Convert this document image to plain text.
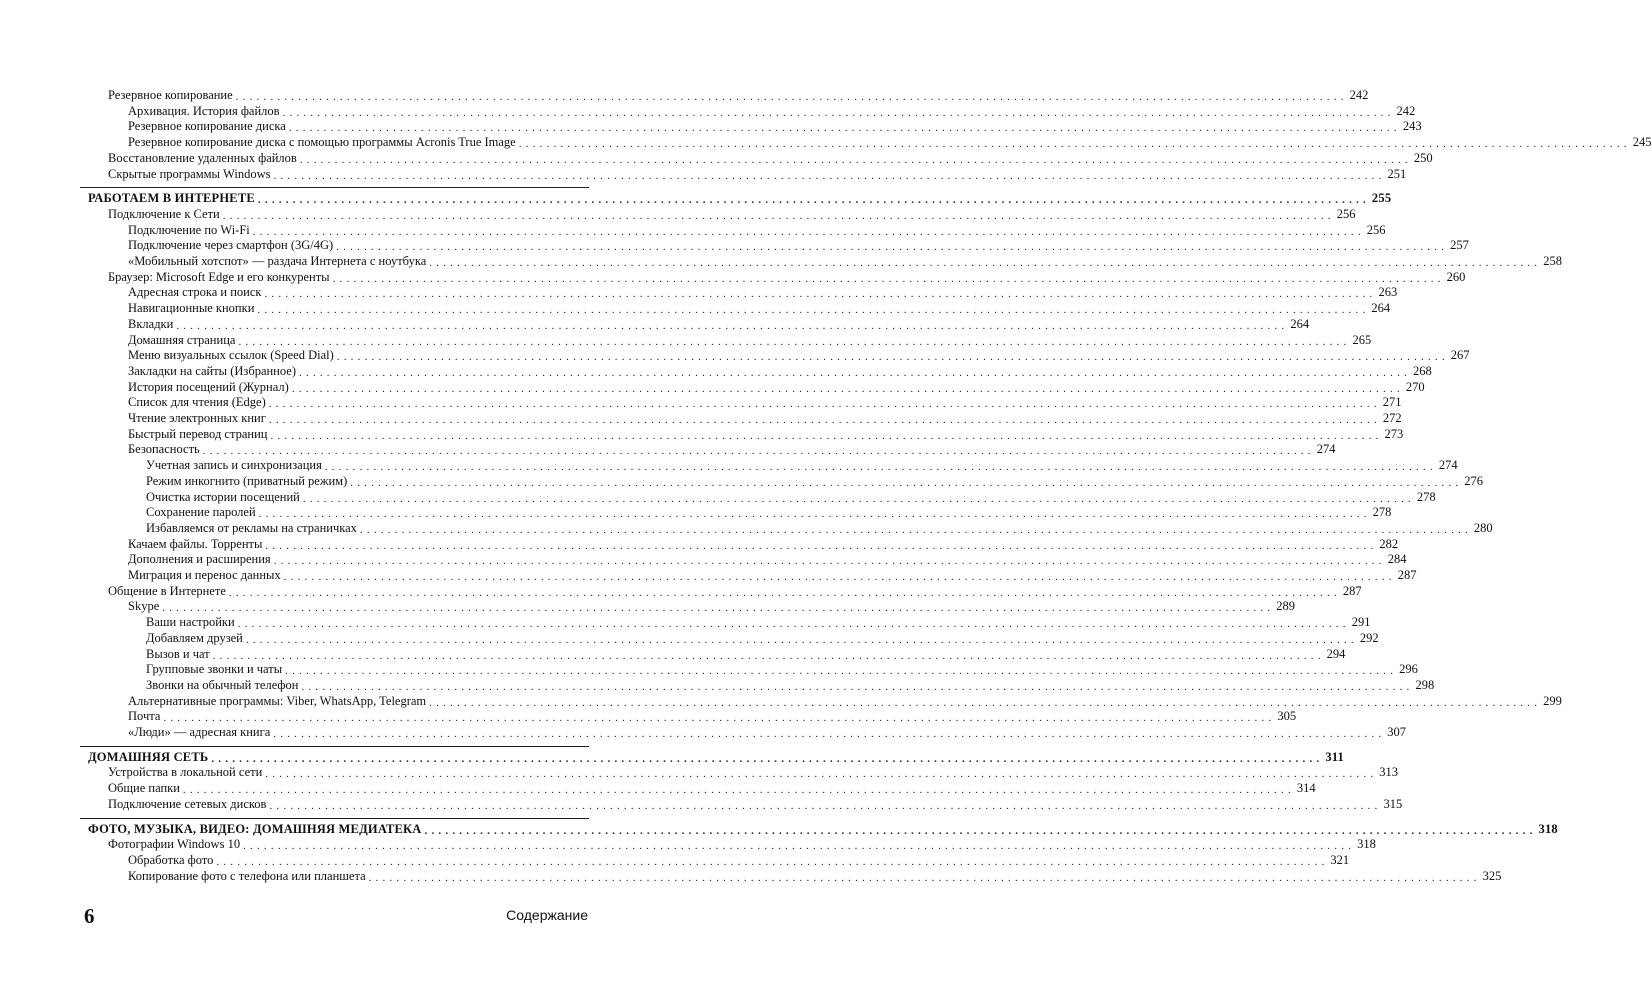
Резервное копирование ................................................................................................................................................................ 242
Архивация. История файлов ................................................................................................................................................................ 242
Резервное копирование диска ................................................................................................................................................................ 243
Резервное копирование диска с помощью программы Acronis True Image ................................................................................................................................................................ 245
Восстановление удаленных файлов ................................................................................................................................................................ 250
Скрытые программы Windows ................................................................................................................................................................ 251
РАБОТАЕМ В ИНТЕРНЕТЕ ................................................................................................................................................................ 255
Подключение к Сети ................................................................................................................................................................ 256
Подключение по Wi-Fi ................................................................................................................................................................ 256
Подключение через смартфон (3G/4G) ................................................................................................................................................................ 257
«Мобильный хотспот» — раздача Интернета с ноутбука ................................................................................................................................................................ 258
Браузер: Microsoft Edge и его конкуренты ................................................................................................................................................................ 260
Адресная строка и поиск ................................................................................................................................................................ 263
Навигационные кнопки ................................................................................................................................................................ 264
Вкладки ................................................................................................................................................................ 264
Домашняя страница ................................................................................................................................................................ 265
Меню визуальных ссылок (Speed Dial) ................................................................................................................................................................ 267
Закладки на сайты (Избранное) ................................................................................................................................................................ 268
История посещений (Журнал) ................................................................................................................................................................ 270
Список для чтения (Edge) ................................................................................................................................................................ 271
Чтение электронных книг ................................................................................................................................................................ 272
Быстрый перевод страниц ................................................................................................................................................................ 273
Безопасность ................................................................................................................................................................ 274
Учетная запись и синхронизация ................................................................................................................................................................ 274
Режим инкогнито (приватный режим) ................................................................................................................................................................ 276
Очистка истории посещений ................................................................................................................................................................ 278
Сохранение паролей ................................................................................................................................................................ 278
Избавляемся от рекламы на страничках ................................................................................................................................................................ 280
Качаем файлы. Торренты ................................................................................................................................................................ 282
Дополнения и расширения ................................................................................................................................................................ 284
Миграция и перенос данных ................................................................................................................................................................ 287
Общение в Интернете ................................................................................................................................................................ 287
Skype ................................................................................................................................................................ 289
Ваши настройки ................................................................................................................................................................ 291
Добавляем друзей ................................................................................................................................................................ 292
Вызов и чат ................................................................................................................................................................ 294
Групповые звонки и чаты ................................................................................................................................................................ 296
Звонки на обычный телефон ................................................................................................................................................................ 298
Альтернативные программы: Viber, WhatsApp, Telegram ................................................................................................................................................................ 299
Почта ................................................................................................................................................................ 305
«Люди» — адресная книга ................................................................................................................................................................ 307
ДОМАШНЯЯ СЕТЬ ................................................................................................................................................................ 311
Устройства в локальной сети ................................................................................................................................................................ 313
Общие папки ................................................................................................................................................................ 314
Подключение сетевых дисков ................................................................................................................................................................ 315
ФОТО, МУЗЫКА, ВИДЕО: ДОМАШНЯЯ МЕДИАТЕКА ................................................................................................................................................................ 318
Фотографии Windows 10 ................................................................................................................................................................ 318
Обработка фото ................................................................................................................................................................ 321
Копирование фото с телефона или планшета ................................................................................................................................................................ 325
6	Содержание
